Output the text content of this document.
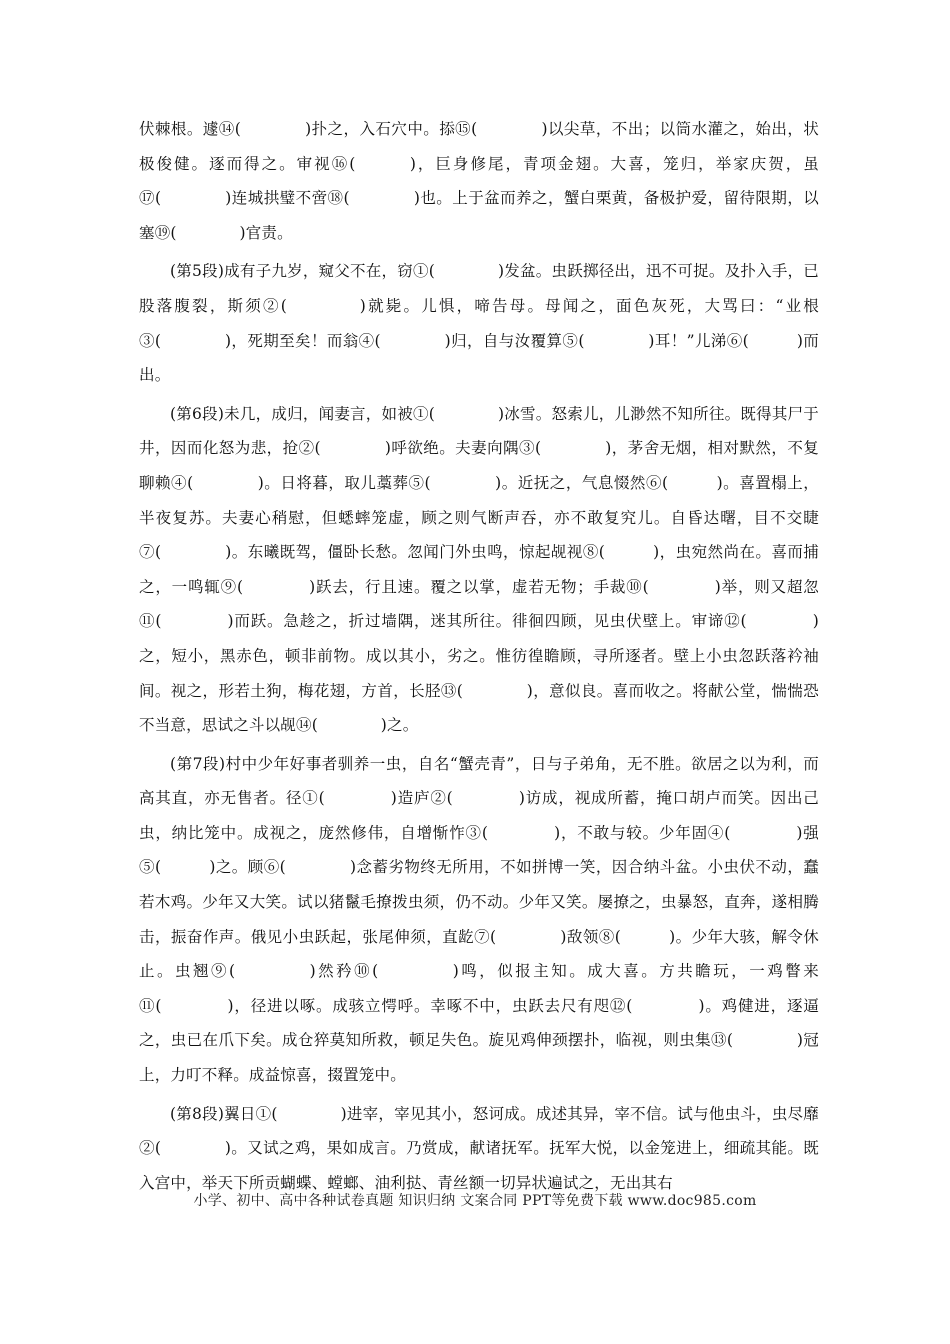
伏棘根。遽⑭(　　　　)扑之，入石穴中。掭⑮(　　　　)以尖草，不出；以筒水灌之，始出，状极俊健。逐而得之。审视⑯(　　　)，巨身修尾，青项金翅。大喜，笼归，举家庆贺，虽⑰(　　　　)连城拱璧不啻⑱(　　　　)也。上于盆而养之，蟹白栗黄，备极护爱，留待限期，以塞⑲(　　　　)官责。

(第5段)成有子九岁，窥父不在，窃①(　　　　)发盆。虫跃掷径出，迅不可捉。及扑入手，已股落腹裂，斯须②(　　　　)就毙。儿惧，啼告母。母闻之，面色灰死，大骂曰：“业根③(　　　　)，死期至矣！而翁④(　　　　)归，自与汝覆算⑤(　　　　)耳！”儿涕⑥(　　　)而出。

(第6段)未几，成归，闻妻言，如被①(　　　　)冰雪。怒索儿，儿渺然不知所往。既得其尸于井，因而化怒为悲，抢②(　　　　)呼欲绝。夫妻向隅③(　　　　)，茅舍无烟，相对默然，不复聊赖④(　　　　)。日将暮，取儿藁葬⑤(　　　　)。近抚之，气息惙然⑥(　　　)。喜置榻上，半夜复苏。夫妻心稍慰，但蟋蟀笼虚，顾之则气断声吞，亦不敢复究儿。自昏达曙，目不交睫⑦(　　　　)。东曦既驾，僵卧长愁。忽闻门外虫鸣，惊起觇视⑧(　　　)，虫宛然尚在。喜而捕之，一鸣辄⑨(　　　　)跃去，行且速。覆之以掌，虚若无物；手裁⑩(　　　　)举，则又超忽⑪(　　　　)而跃。急趁之，折过墙隅，迷其所往。徘徊四顾，见虫伏壁上。审谛⑫(　　　　)之，短小，黑赤色，顿非前物。成以其小，劣之。惟彷徨瞻顾，寻所逐者。壁上小虫忽跃落衿袖间。视之，形若土狗，梅花翅，方首，长胫⑬(　　　　)，意似良。喜而收之。将献公堂，惴惴恐不当意，思试之斗以觇⑭(　　　　)之。

(第7段)村中少年好事者驯养一虫，自名“蟹壳青”，日与子弟角，无不胜。欲居之以为利，而高其直，亦无售者。径①(　　　　)造庐②(　　　　)访成，视成所蓄，掩口胡卢而笑。因出己虫，纳比笼中。成视之，庞然修伟，自增惭怍③(　　　　)，不敢与较。少年固④(　　　　)强⑤(　　　)之。顾⑥(　　　　)念蓄劣物终无所用，不如拼博一笑，因合纳斗盆。小虫伏不动，蠢若木鸡。少年又大笑。试以猪鬣毛撩拨虫须，仍不动。少年又笑。屡撩之，虫暴怒，直奔，遂相腾击，振奋作声。俄见小虫跃起，张尾伸须，直龁⑦(　　　　)敌领⑧(　　　)。少年大骇，解令休止。虫翘⑨(　　　　)然矜⑩(　　　　)鸣，似报主知。成大喜。方共瞻玩，一鸡瞥来⑪(　　　　)，径进以啄。成骇立愕呼。幸啄不中，虫跃去尺有咫⑫(　　　　)。鸡健进，逐逼之，虫已在爪下矣。成仓猝莫知所救，顿足失色。旋见鸡伸颈摆扑，临视，则虫集⑬(　　　　)冠上，力叮不释。成益惊喜，掇置笼中。

(第8段)翼日①(　　　　)进宰，宰见其小，怒诃成。成述其异，宰不信。试与他虫斗，虫尽靡②(　　　　)。又试之鸡，果如成言。乃赏成，献诸抚军。抚军大悦，以金笼进上，细疏其能。既入宫中，举天下所贡蝴蝶、螳螂、油利挞、青丝额一切异状遍试之，无出其右

小学、初中、高中各种试卷真题 知识归纳 文案合同 PPT等免费下载 www.doc985.com
